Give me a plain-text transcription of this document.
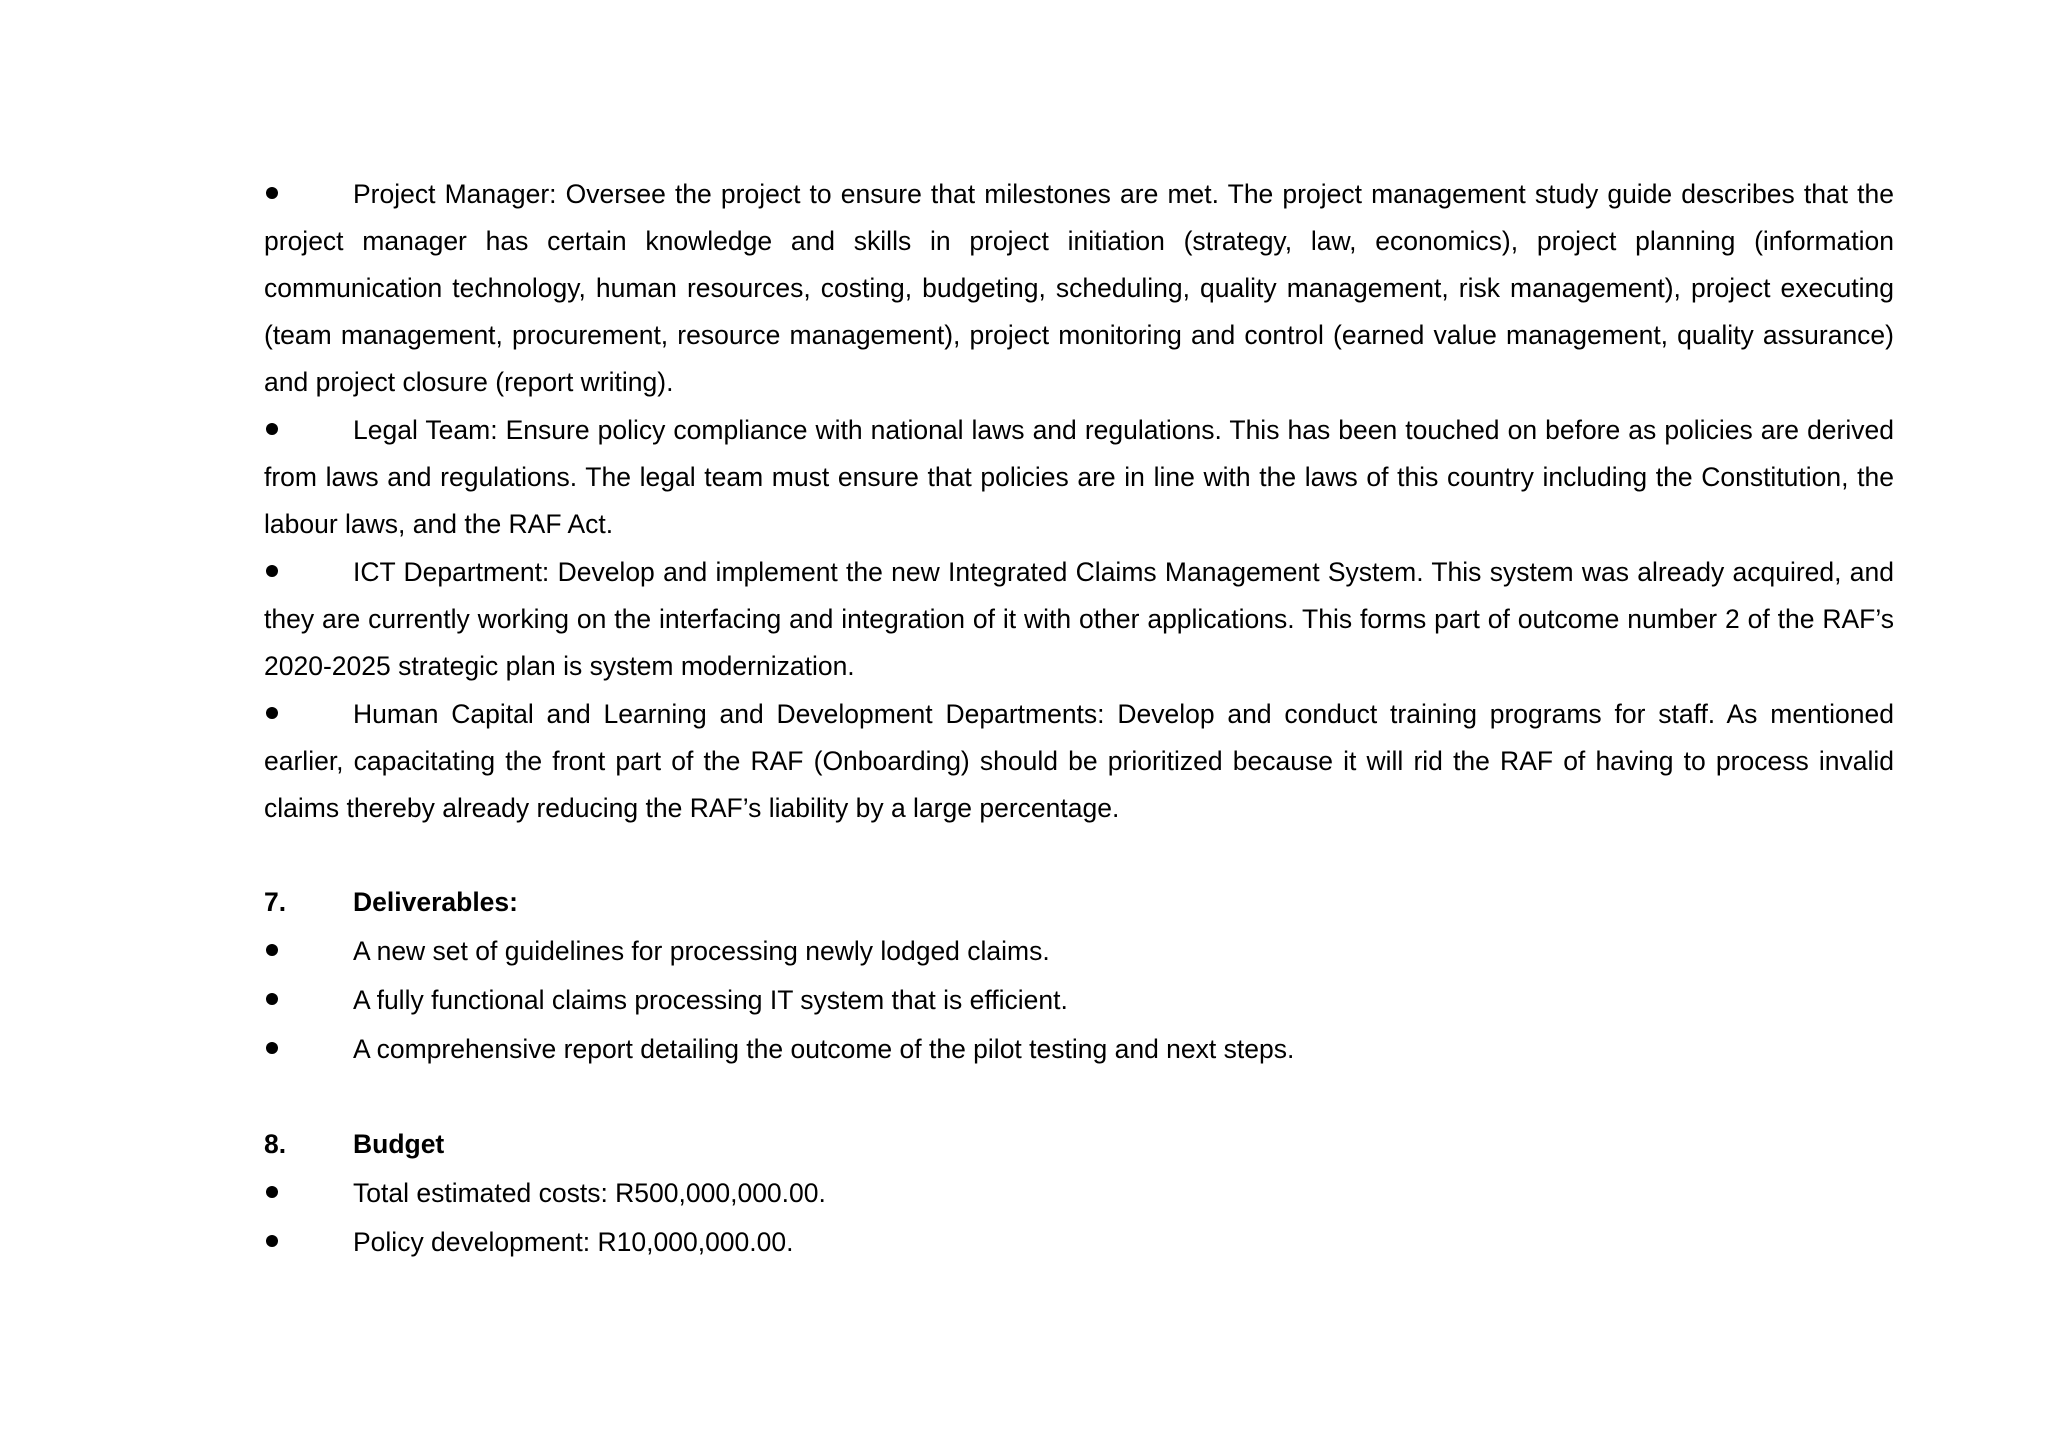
Project Manager: Oversee the project to ensure that milestones are met. The project management study guide describes that the project manager has certain knowledge and skills in project initiation (strategy, law, economics), project planning (information communication technology, human resources, costing, budgeting, scheduling, quality management, risk management), project executing (team management, procurement, resource management), project monitoring and control (earned value management, quality assurance) and project closure (report writing).

Legal Team: Ensure policy compliance with national laws and regulations. This has been touched on before as policies are derived from laws and regulations. The legal team must ensure that policies are in line with the laws of this country including the Constitution, the labour laws, and the RAF Act.

ICT Department: Develop and implement the new Integrated Claims Management System. This system was already acquired, and they are currently working on the interfacing and integration of it with other applications. This forms part of outcome number 2 of the RAF’s 2020-2025 strategic plan is system modernization.

Human Capital and Learning and Development Departments: Develop and conduct training programs for staff. As mentioned earlier, capacitating the front part of the RAF (Onboarding) should be prioritized because it will rid the RAF of having to process invalid claims thereby already reducing the RAF’s liability by a large percentage.

7.	Deliverables:
A new set of guidelines for processing newly lodged claims.
A fully functional claims processing IT system that is efficient.
A comprehensive report detailing the outcome of the pilot testing and next steps.
8.	Budget
Total estimated costs: R500,000,000.00.
Policy development: R10,000,000.00.
